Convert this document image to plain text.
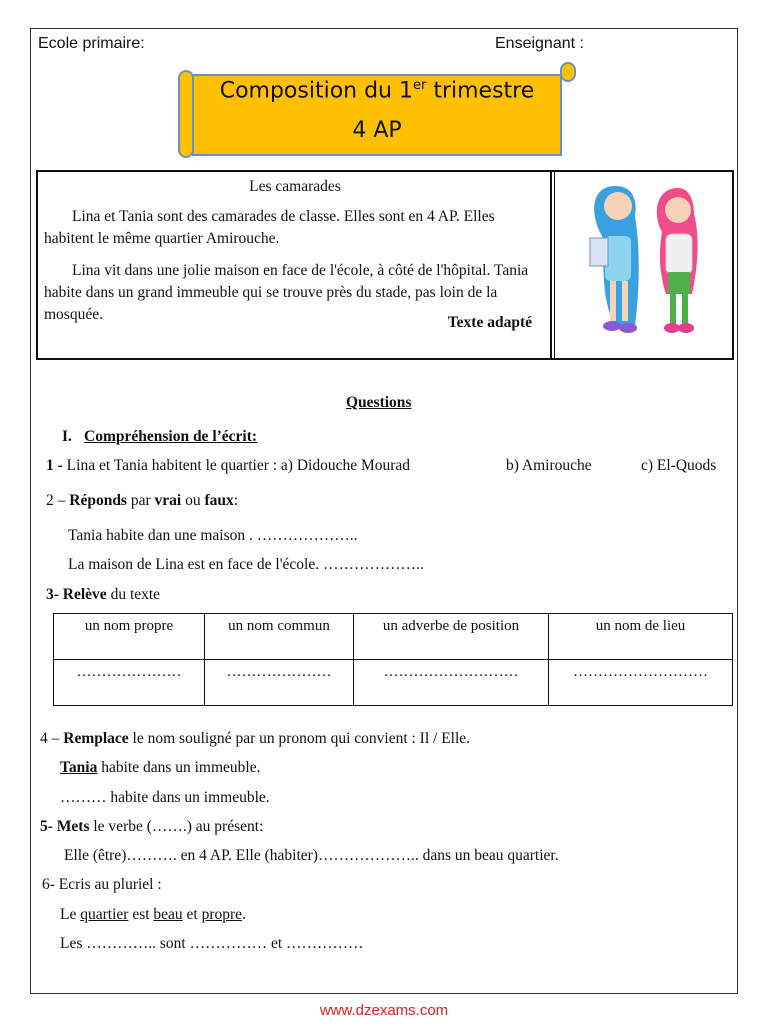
Ecole primaire:	Enseignant :
Composition du 1er trimestre
4 AP
Les camarades

Lina et Tania sont des camarades de classe. Elles sont en 4 AP. Elles habitent le même quartier Amirouche.

Lina vit dans une jolie maison en face de l'école, à côté de l'hôpital. Tania habite dans un grand immeuble qui se trouve près du stade, pas loin de la mosquée.	Texte adapté
Questions
I. Compréhension de l’écrit:
1 - Lina et Tania habitent le quartier : a) Didouche Mourad	b) Amirouche	c) El-Quods
2 – Réponds par vrai ou faux:
Tania habite dan une maison . ………………..
La maison de Lina est en face de l'école. ………………..
3- Relève du texte
un nom propre	un nom commun	un adverbe de position	un nom de lieu
…………………	…………………	………………………	………………………
4 – Remplace le nom souligné par un pronom qui convient : Il / Elle.
Tania habite dans un immeuble.
……… habite dans un immeuble.
5- Mets le verbe (…….) au présent:
Elle (être)………. en 4 AP. Elle (habiter)……………….. dans un beau quartier.
6- Ecris au pluriel :
Le quartier est beau et propre.
Les ………….. sont …………… et ……………
www.dzexams.com
